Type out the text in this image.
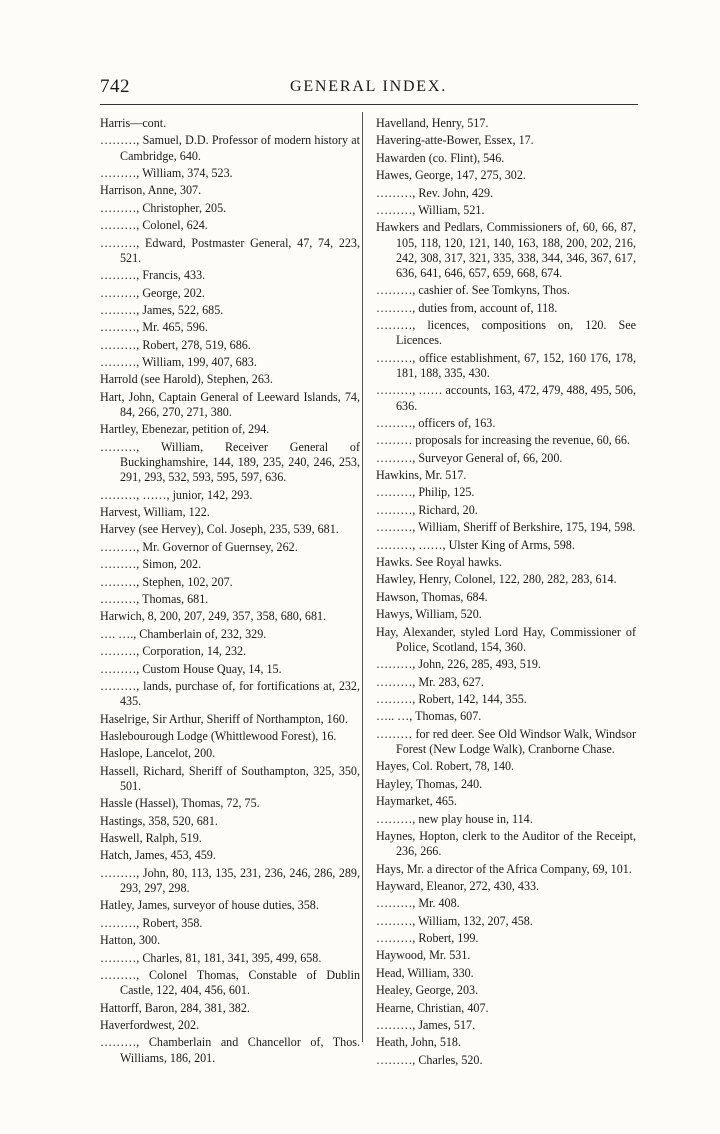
742	GENERAL INDEX.

Harris—cont.

………, Samuel, D.D. Professor of modern history at Cambridge, 640.

………, William, 374, 523.

Harrison, Anne, 307.

………, Christopher, 205.

………, Colonel, 624.

………, Edward, Postmaster General, 47, 74, 223, 521.

………, Francis, 433.

………, George, 202.

………, James, 522, 685.

………, Mr. 465, 596.

………, Robert, 278, 519, 686.

………, William, 199, 407, 683.

Harrold (see Harold), Stephen, 263.

Hart, John, Captain General of Leeward Islands, 74, 84, 266, 270, 271, 380.

Hartley, Ebenezar, petition of, 294.

………, William, Receiver General of Buckinghamshire, 144, 189, 235, 240, 246, 253, 291, 293, 532, 593, 595, 597, 636.

………, ……, junior, 142, 293.

Harvest, William, 122.

Harvey (see Hervey), Col. Joseph, 235, 539, 681.

………, Mr. Governor of Guernsey, 262.

………, Simon, 202.

………, Stephen, 102, 207.

………, Thomas, 681.

Harwich, 8, 200, 207, 249, 357, 358, 680, 681.

…. …., Chamberlain of, 232, 329.

………, Corporation, 14, 232.

………, Custom House Quay, 14, 15.

………, lands, purchase of, for fortifications at, 232, 435.

Haselrige, Sir Arthur, Sheriff of Northampton, 160.

Haslebourough Lodge (Whittlewood Forest), 16.

Haslope, Lancelot, 200.

Hassell, Richard, Sheriff of Southampton, 325, 350, 501.

Hassle (Hassel), Thomas, 72, 75.

Hastings, 358, 520, 681.

Haswell, Ralph, 519.

Hatch, James, 453, 459.

………, John, 80, 113, 135, 231, 236, 246, 286, 289, 293, 297, 298.

Hatley, James, surveyor of house duties, 358.

………, Robert, 358.

Hatton, 300.

………, Charles, 81, 181, 341, 395, 499, 658.

………, Colonel Thomas, Constable of Dublin Castle, 122, 404, 456, 601.

Hattorff, Baron, 284, 381, 382.

Haverfordwest, 202.

………, Chamberlain and Chancellor of, Thos. Williams, 186, 201.

Havelland, Henry, 517.

Havering-atte-Bower, Essex, 17.

Hawarden (co. Flint), 546.

Hawes, George, 147, 275, 302.

………, Rev. John, 429.

………, William, 521.

Hawkers and Pedlars, Commissioners of, 60, 66, 87, 105, 118, 120, 121, 140, 163, 188, 200, 202, 216, 242, 308, 317, 321, 335, 338, 344, 346, 367, 617, 636, 641, 646, 657, 659, 668, 674.

………, cashier of. See Tomkyns, Thos.

………, duties from, account of, 118.

………, licences, compositions on, 120. See Licences.

………, office establishment, 67, 152, 160 176, 178, 181, 188, 335, 430.

………, …… accounts, 163, 472, 479, 488, 495, 506, 636.

………, officers of, 163.

……… proposals for increasing the revenue, 60, 66.

………, Surveyor General of, 66, 200.

Hawkins, Mr. 517.

………, Philip, 125.

………, Richard, 20.

………, William, Sheriff of Berkshire, 175, 194, 598.

………, ……, Ulster King of Arms, 598.

Hawks. See Royal hawks.

Hawley, Henry, Colonel, 122, 280, 282, 283, 614.

Hawson, Thomas, 684.

Hawys, William, 520.

Hay, Alexander, styled Lord Hay, Commissioner of Police, Scotland, 154, 360.

………, John, 226, 285, 493, 519.

………, Mr. 283, 627.

………, Robert, 142, 144, 355.

….. …, Thomas, 607.

……… for red deer. See Old Windsor Walk, Windsor Forest (New Lodge Walk), Cranborne Chase.

Hayes, Col. Robert, 78, 140.

Hayley, Thomas, 240.

Haymarket, 465.

………, new play house in, 114.

Haynes, Hopton, clerk to the Auditor of the Receipt, 236, 266.

Hays, Mr. a director of the Africa Company, 69, 101.

Hayward, Eleanor, 272, 430, 433.

………, Mr. 408.

………, William, 132, 207, 458.

………, Robert, 199.

Haywood, Mr. 531.

Head, William, 330.

Healey, George, 203.

Hearne, Christian, 407.

………, James, 517.

Heath, John, 518.

………, Charles, 520.
